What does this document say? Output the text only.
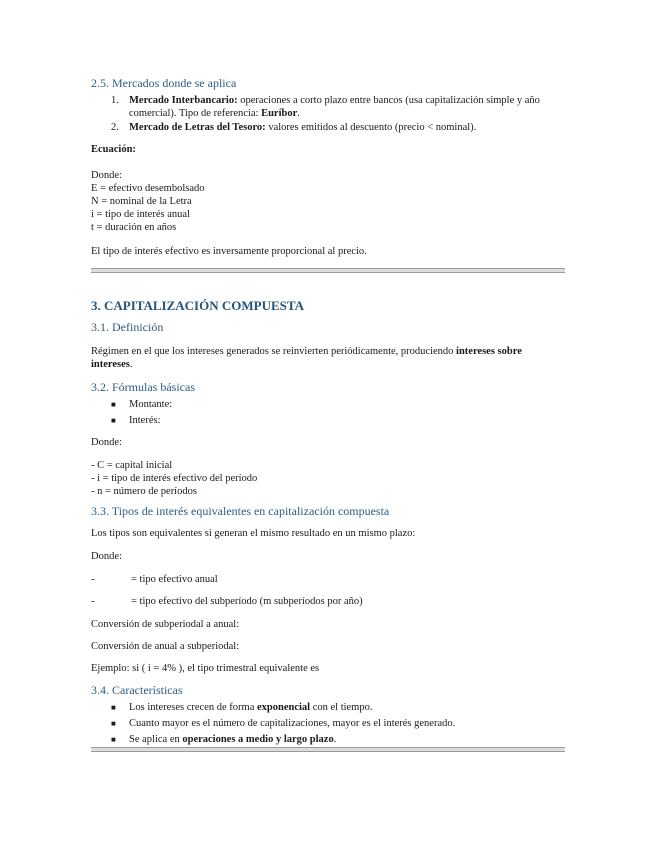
2.5. Mercados donde se aplica
1. Mercado Interbancario: operaciones a corto plazo entre bancos (usa capitalización simple y año comercial). Tipo de referencia: Euríbor.
2. Mercado de Letras del Tesoro: valores emitidos al descuento (precio < nominal).

Ecuación:

Donde:

E = efectivo desembolsado

N = nominal de la Letra

i = tipo de interés anual

t = duración en años

El tipo de interés efectivo es inversamente proporcional al precio.

3. CAPITALIZACIÓN COMPUESTA
3.1. Definición

Régimen en el que los intereses generados se reinvierten periódicamente, produciendo intereses sobre intereses.

3.2. Fórmulas básicas
■ Montante:
■ Interés:

Donde:

- C = capital inicial

- i = tipo de interés efectivo del período

- n = número de períodos

3.3. Tipos de interés equivalentes en capitalización compuesta

Los tipos son equivalentes si generan el mismo resultado en un mismo plazo:

Donde:

-	= tipo efectivo anual
-	= tipo efectivo del subperíodo (m subperíodos por año)

Conversión de subperiodal a anual:

Conversión de anual a subperiodal:

Ejemplo: si ( i = 4% ), el tipo trimestral equivalente es

3.4. Características
■ Los intereses crecen de forma exponencial con el tiempo.
■ Cuanto mayor es el número de capitalizaciones, mayor es el interés generado.
■ Se aplica en operaciones a medio y largo plazo.
